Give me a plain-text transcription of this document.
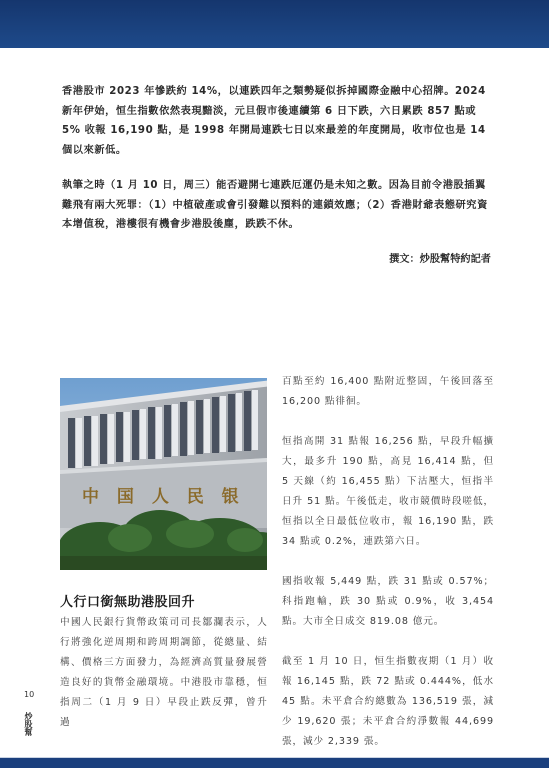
香港股市 2023 年慘跌約 14%，以連跌四年之類勢疑似拆掉國際金融中心招牌。2024 新年伊始，恒生指數依然表現黯淡，元旦假市後連續第 6 日下跌，六日累跌 857 點或 5% 收報 16,190 點，是 1998 年開局連跌七日以來最差的年度開局，收市位也是 14 個以來新低。

執筆之時（1 月 10 日，周三）能否避開七連跌厄運仍是未知之數。因為目前令港股插翼難飛有兩大死罪：（1）中植破產或會引發難以預料的連鎖效應；（2）香港財爺表態研究資本增值稅，港樓很有機會步港股後塵，跌跌不休。

撰文：炒股幫特約記者
中 国 人 民 银
人行口銜無助港股回升

中國人民銀行貨幣政策司司長鄒瀾表示，人行將強化逆周期和跨周期調節，從總量、結構、價格三方面發力，為經濟高質量發展營造良好的貨幣金融環境。中港股市靠穩，恒指周二（1 月 9 日）早段止跌反彈，曾升過

百點至約 16,400 點附近整固，午後回落至 16,200 點徘徊。

恒指高開 31 點報 16,256 點，早段升幅擴大，最多升 190 點，高見 16,414 點，但 5 天線（約 16,455 點）下沽壓大，恒指半日升 51 點。午後低走，收市競價時段嗟低，恒指以全日最低位收市，報 16,190 點，跌 34 點或 0.2%，連跌第六日。

國指收報 5,449 點，跌 31 點或 0.57%；科指跑輸，跌 30 點或 0.9%，收 3,454 點。大市全日成交 819.08 億元。

截至 1 月 10 日，恒生指數夜期（1 月）收報 16,145 點，跌 72 點或 0.444%，低水 45 點。未平倉合約總數為 136,519 張，減少 19,620 張；未平倉合約淨數報 44,699 張，減少 2,339 張。

10
炒股幫
